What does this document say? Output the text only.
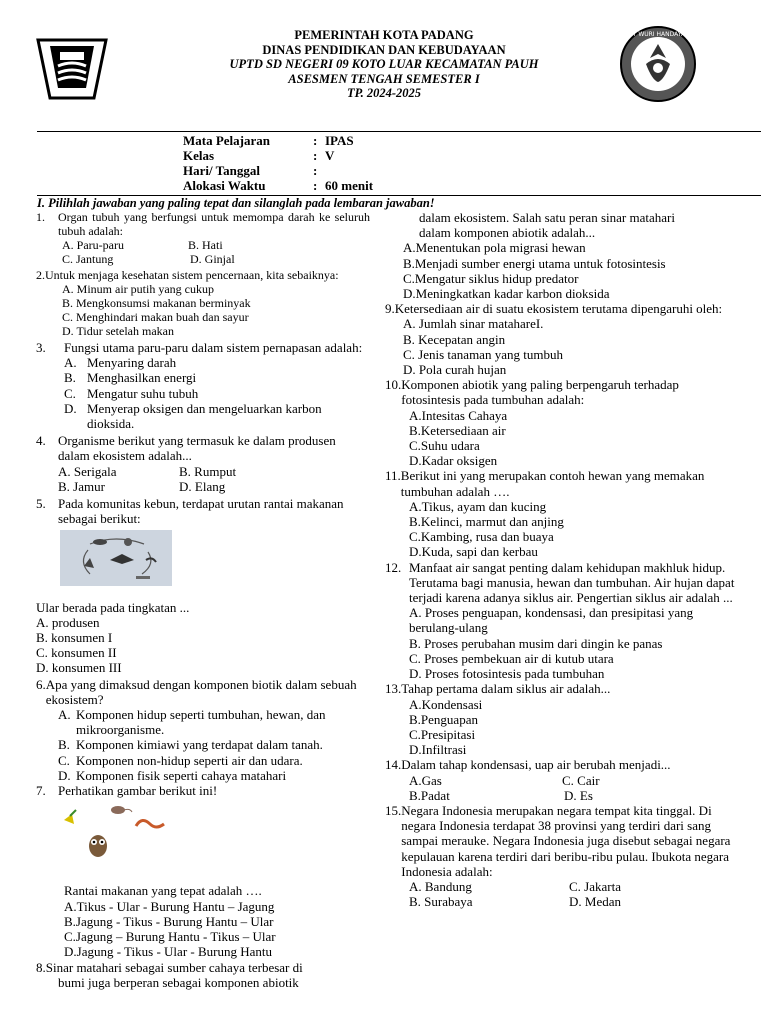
PEMERINTAH KOTA PADANG
DINAS PENDIDIKAN DAN KEBUDAYAAN
UPTD SD NEGERI 09 KOTO LUAR KECAMATAN PAUH
ASESMEN TENGAH SEMESTER I
TP. 2024-2025
TUT WURI HANDAYANI
Mata Pelajaran	: IPAS
Kelas	: V
Hari/ Tanggal	:
Alokasi Waktu	: 60 menit
I. Pilihlah jawaban yang paling tepat dan silanglah pada lembaran jawaban!
1.	Organ tubuh yang berfungsi untuk memompa darah ke seluruh tubuh adalah:
A. Paru-paru	B. Hati
C. Jantung	D. Ginjal
2. Untuk menjaga kesehatan sistem pencernaan, kita sebaiknya:
A. Minum air putih yang cukup
B. Mengkonsumsi makanan berminyak
C. Menghindari makan buah dan sayur
D. Tidur setelah makan
3.	Fungsi utama paru-paru dalam sistem pernapasan adalah:
A. Menyaring darah
B. Menghasilkan energi
C. Mengatur suhu tubuh
D. Menyerap oksigen dan mengeluarkan karbon dioksida.
4. Organisme berikut yang termasuk ke dalam produsen dalam ekosistem adalah...
A. Serigala	B. Rumput
B. Jamur	D. Elang
5. Pada komunitas kebun, terdapat urutan rantai makanan sebagai berikut:
Ular berada pada tingkatan ...
A. produsen
B. konsumen I
C. konsumen II
D. konsumen III
6. Apa yang dimaksud dengan komponen biotik dalam sebuah ekosistem?
A. Komponen hidup seperti tumbuhan, hewan, dan mikroorganisme.
B. Komponen kimiawi yang terdapat dalam tanah.
C. Komponen non-hidup seperti air dan udara.
D. Komponen fisik seperti cahaya matahari
7. Perhatikan gambar berikut ini!
Rantai makanan yang tepat adalah ….
A.Tikus - Ular - Burung Hantu – Jagung
B.Jagung - Tikus - Burung Hantu – Ular
C.Jagung – Burung Hantu - Tikus – Ular
D.Jagung - Tikus - Ular - Burung Hantu
8. Sinar matahari sebagai sumber cahaya terbesar di
bumi juga berperan sebagai komponen abiotik
dalam ekosistem. Salah satu peran sinar matahari
dalam komponen abiotik adalah...
A.Menentukan pola migrasi hewan
B.Menjadi sumber energi utama untuk fotosintesis
C.Mengatur siklus hidup predator
D.Meningkatkan kadar karbon dioksida
9. Ketersediaan air di suatu ekosistem terutama dipengaruhi oleh:
A. Jumlah sinar matahareI.
B. Kecepatan angin
C. Jenis tanaman yang tumbuh
D. Pola curah hujan
10. Komponen abiotik yang paling berpengaruh terhadap fotosintesis pada tumbuhan adalah:
A.Intesitas Cahaya
B.Ketersediaan air
C.Suhu udara
D.Kadar oksigen
11. Berikut ini yang merupakan contoh hewan yang memakan tumbuhan adalah ….
A.Tikus, ayam dan kucing
B.Kelinci, marmut dan anjing
C.Kambing, rusa dan buaya
D.Kuda, sapi dan kerbau
12. Manfaat air sangat penting dalam kehidupan makhluk hidup. Terutama bagi manusia, hewan dan tumbuhan. Air hujan dapat terjadi karena adanya siklus air. Pengertian siklus air adalah ...
A. Proses penguapan, kondensasi, dan presipitasi yang berulang-ulang
B. Proses perubahan musim dari dingin ke panas
C. Proses pembekuan air di kutub utara
D. Proses fotosintesis pada tumbuhan
13. Tahap pertama dalam siklus air adalah...
A.Kondensasi
B.Penguapan
C.Presipitasi
D.Infiltrasi
14. Dalam tahap kondensasi, uap air berubah menjadi...
A.Gas	C. Cair
B.Padat	D. Es
15. Negara Indonesia merupakan negara tempat kita tinggal. Di negara Indonesia terdapat 38 provinsi yang terdiri dari sang sampai merauke. Negara Indonesia juga disebut sebagai negara kepulauan karena terdiri dari beribu-ribu pulau. Ibukota negara Indonesia adalah:
A. Bandung	C. Jakarta
B. Surabaya	D. Medan
